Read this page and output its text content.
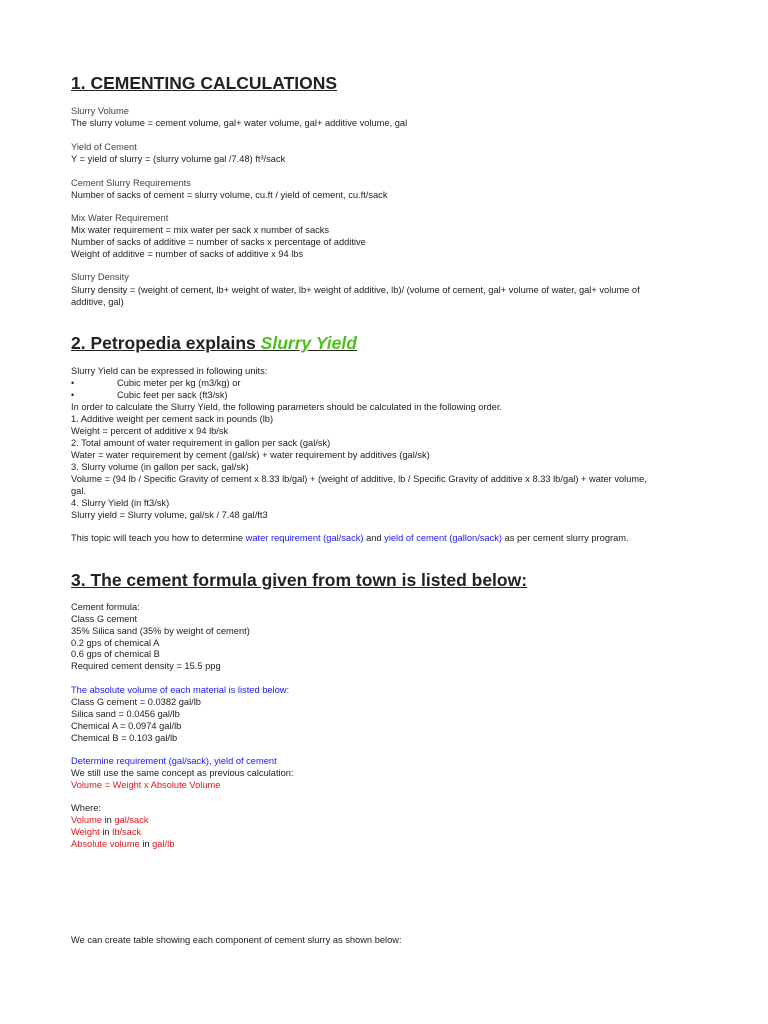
1. CEMENTING CALCULATIONS
Slurry Volume
The slurry volume = cement volume, gal+ water volume, gal+ additive volume, gal
Yield of Cement
Y = yield of slurry = (slurry volume gal /7.48) ft³/sack
Cement Slurry Requirements
Number of sacks of cement = slurry volume, cu.ft / yield of cement, cu.ft/sack
Mix Water Requirement
Mix water requirement = mix water per sack x number of sacks
Number of sacks of additive = number of sacks x percentage of additive
Weight of additive = number of sacks of additive x 94 lbs
Slurry Density
Slurry density = (weight of cement, lb+ weight of water, lb+ weight of additive, lb)/ (volume of cement, gal+ volume of water, gal+ volume of
additive, gal)
2. Petropedia explains Slurry Yield
Slurry Yield can be expressed in following units:
•	Cubic meter per kg (m3/kg) or
•	Cubic feet per sack (ft3/sk)
In order to calculate the Slurry Yield, the following parameters should be calculated in the following order.
1. Additive weight per cement sack in pounds (lb)
Weight = percent of additive x 94 lb/sk
2. Total amount of water requirement in gallon per sack (gal/sk)
Water = water requirement by cement (gal/sk) + water requirement by additives (gal/sk)
3. Slurry volume (in gallon per sack, gal/sk)
Volume = (94 lb / Specific Gravity of cement x 8.33 lb/gal) + (weight of additive, lb / Specific Gravity of additive x 8.33 lb/gal) + water volume,
gal.
4. Slurry Yield (in ft3/sk)
Slurry yield = Slurry volume, gal/sk / 7.48 gal/ft3
This topic will teach you how to determine water requirement (gal/sack) and yield of cement (gallon/sack) as per cement slurry program.
3. The cement formula given from town is listed below:
Cement formula:
Class G cement
35% Silica sand (35% by weight of cement)
0.2 gps of chemical A
0.6 gps of chemical B
Required cement density = 15.5 ppg
The absolute volume of each material is listed below:
Class G cement = 0.0382 gal/lb
Silica sand = 0.0456 gal/lb
Chemical A = 0.0974 gal/lb
Chemical B = 0.103 gal/lb
Determine requirement (gal/sack), yield of cement
We still use the same concept as previous calculation:
Volume = Weight x Absolute Volume
Where:
Volume in gal/sack
Weight in lb/sack
Absolute volume in gal/lb
We can create table showing each component of cement slurry as shown below:
